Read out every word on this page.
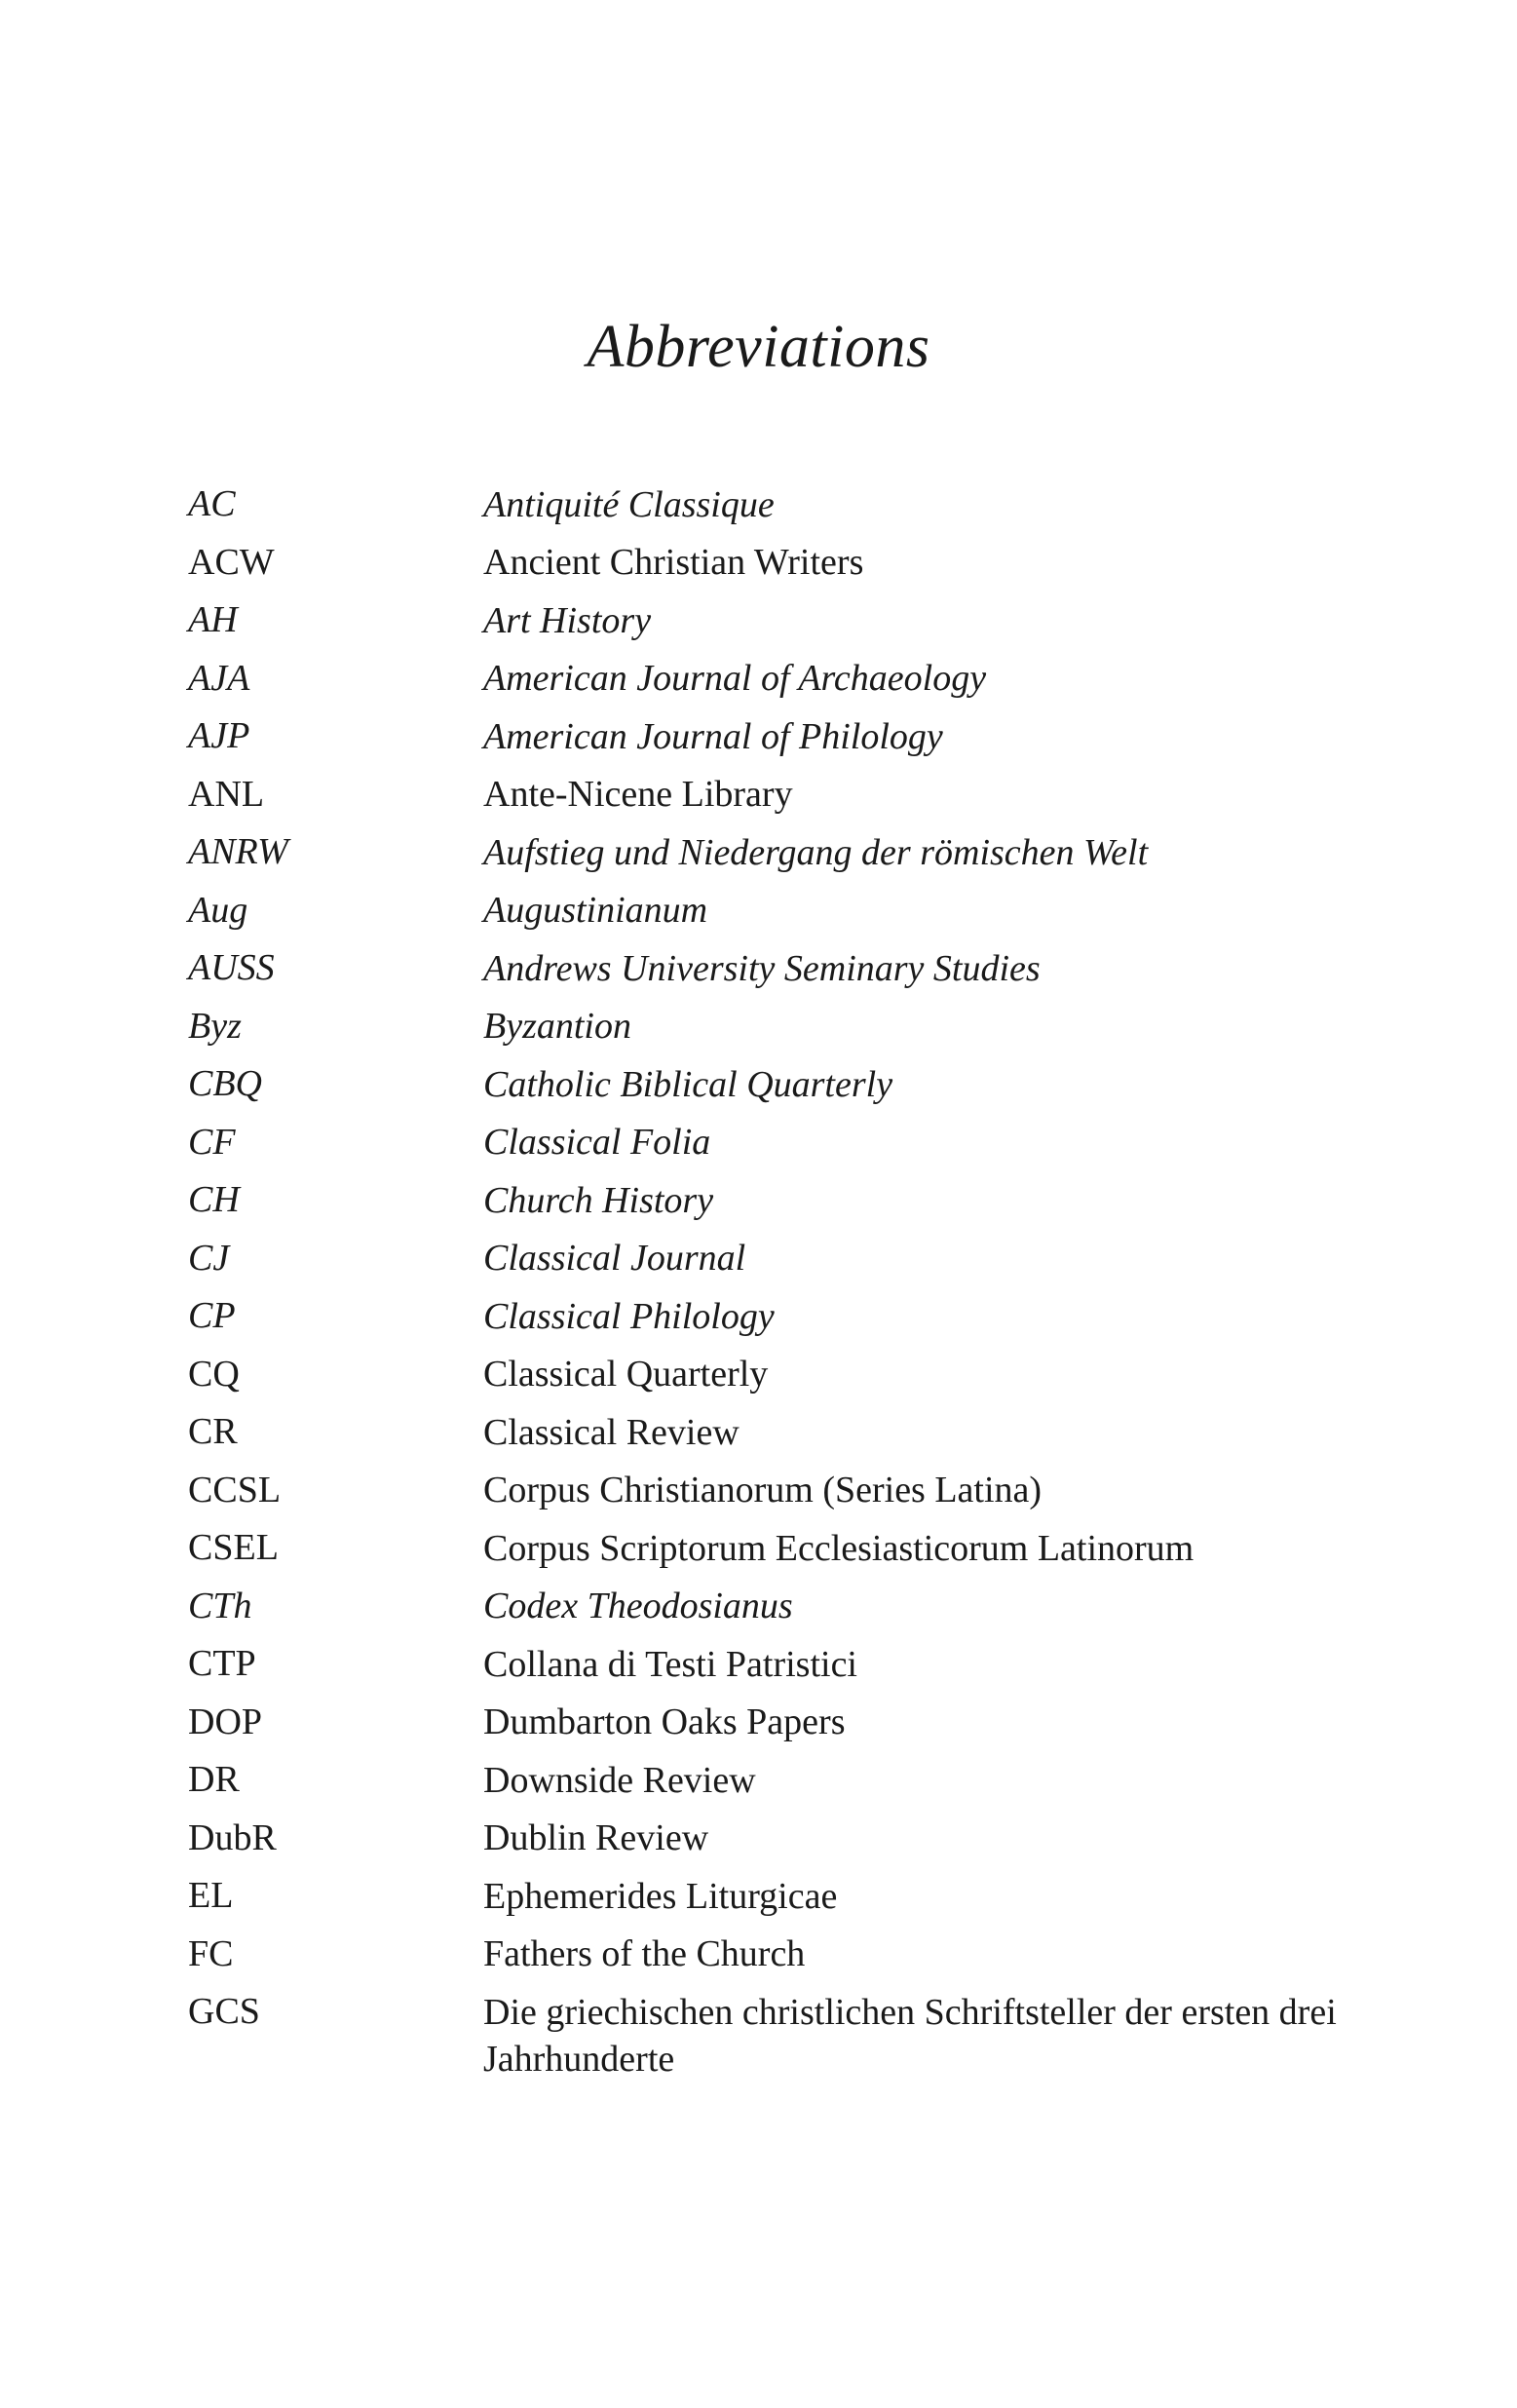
Abbreviations
AC	Antiquité Classique
ACW	Ancient Christian Writers
AH	Art History
AJA	American Journal of Archaeology
AJP	American Journal of Philology
ANL	Ante-Nicene Library
ANRW	Aufstieg und Niedergang der römischen Welt
Aug	Augustinianum
AUSS	Andrews University Seminary Studies
Byz	Byzantion
CBQ	Catholic Biblical Quarterly
CF	Classical Folia
CH	Church History
CJ	Classical Journal
CP	Classical Philology
CQ	Classical Quarterly
CR	Classical Review
CCSL	Corpus Christianorum (Series Latina)
CSEL	Corpus Scriptorum Ecclesiasticorum Latinorum
CTh	Codex Theodosianus
CTP	Collana di Testi Patristici
DOP	Dumbarton Oaks Papers
DR	Downside Review
DubR	Dublin Review
EL	Ephemerides Liturgicae
FC	Fathers of the Church
GCS	Die griechischen christlichen Schriftsteller der ersten drei Jahrhunderte
